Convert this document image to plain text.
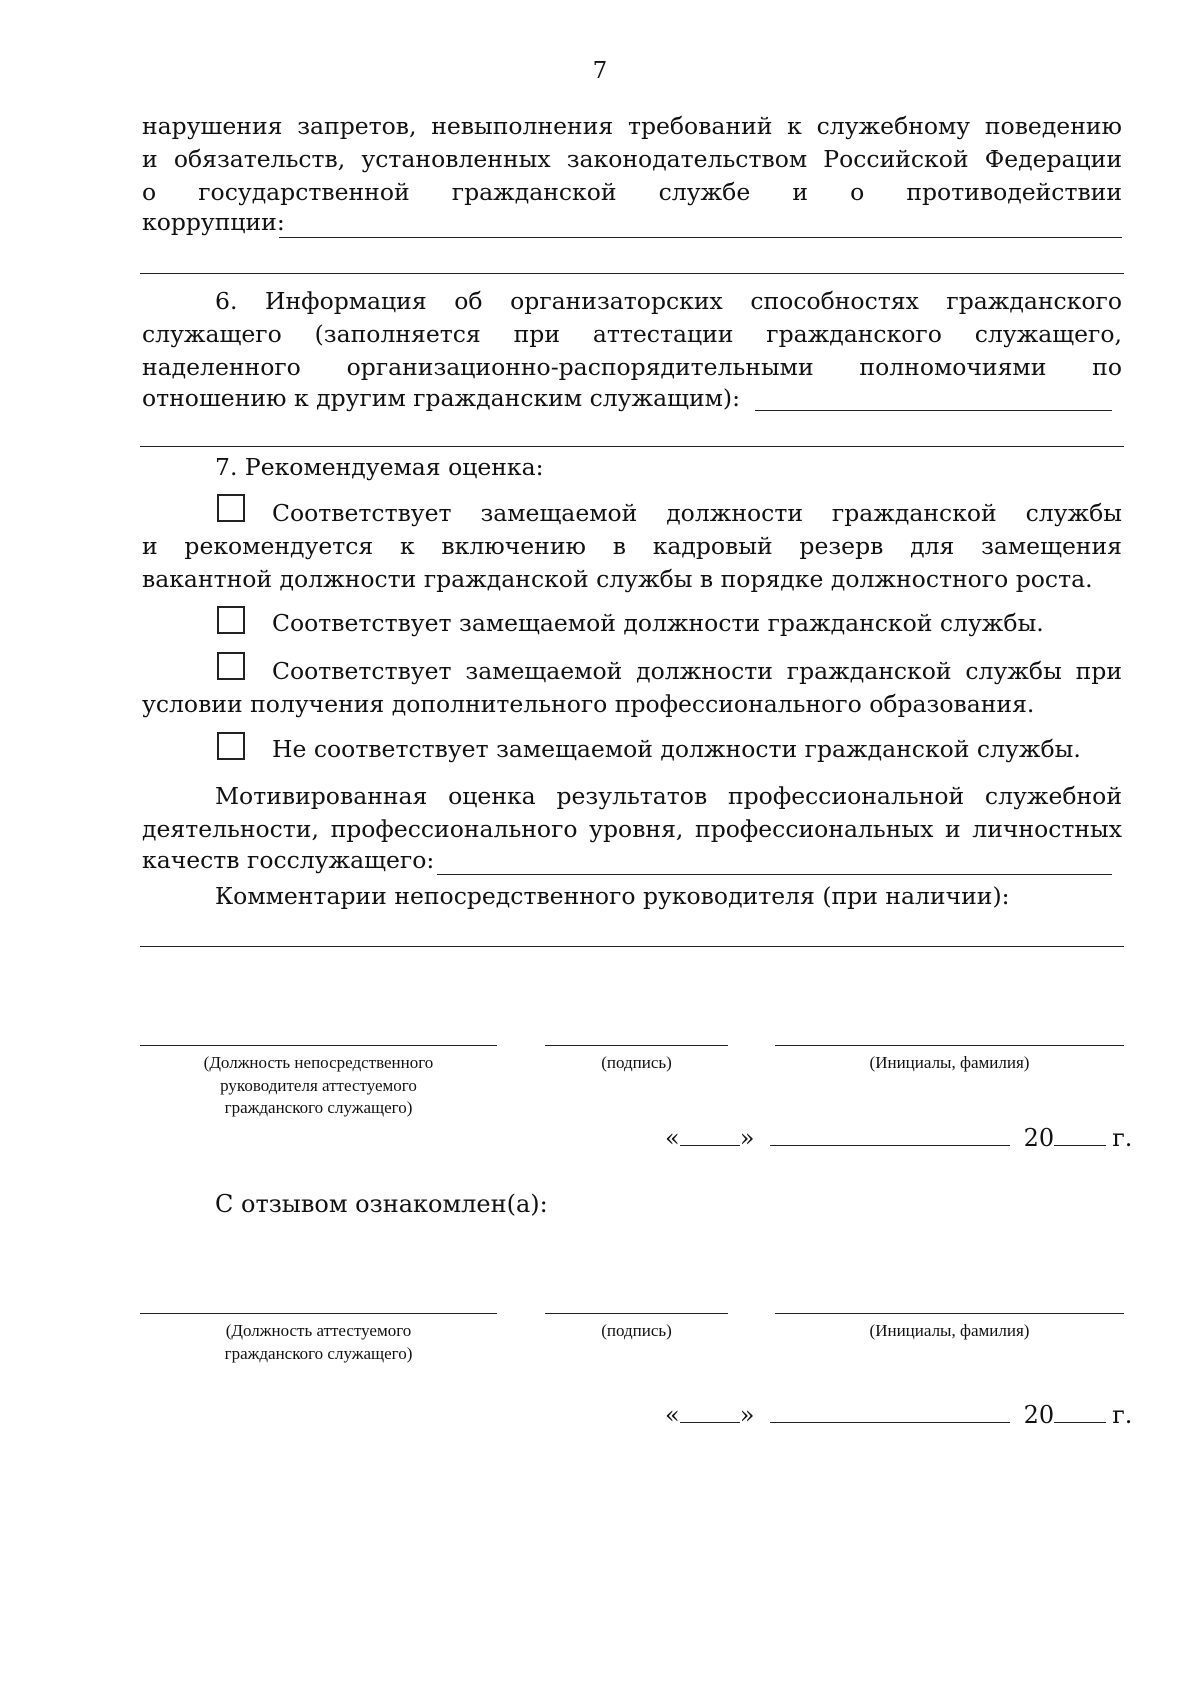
7
нарушения запретов, невыполнения требований к служебному поведению
и обязательств, установленных законодательством Российской Федерации
о государственной гражданской службе и о противодействии
коррупции:
6. Информация об организаторских способностях гражданского
служащего (заполняется при аттестации гражданского служащего,
наделенного организационно-распорядительными полномочиями по
отношению к другим гражданским служащим):
7. Рекомендуемая оценка:
Соответствует замещаемой должности гражданской службы
и рекомендуется к включению в кадровый резерв для замещения
вакантной должности гражданской службы в порядке должностного роста.
Соответствует замещаемой должности гражданской службы.
Соответствует замещаемой должности гражданской службы при
условии получения дополнительного профессионального образования.
Не соответствует замещаемой должности гражданской службы.
Мотивированная оценка результатов профессиональной служебной
деятельности, профессионального уровня, профессиональных и личностных
качеств госслужащего:
Комментарии непосредственного руководителя (при наличии):
(Должность непосредственного
руководителя аттестуемого
гражданского служащего)
(подпись)	(Инициалы, фамилия)
«	»	20 г.
С отзывом ознакомлен(а):
(Должность аттестуемого
гражданского служащего)
(подпись)	(Инициалы, фамилия)
«	»	20 г.
